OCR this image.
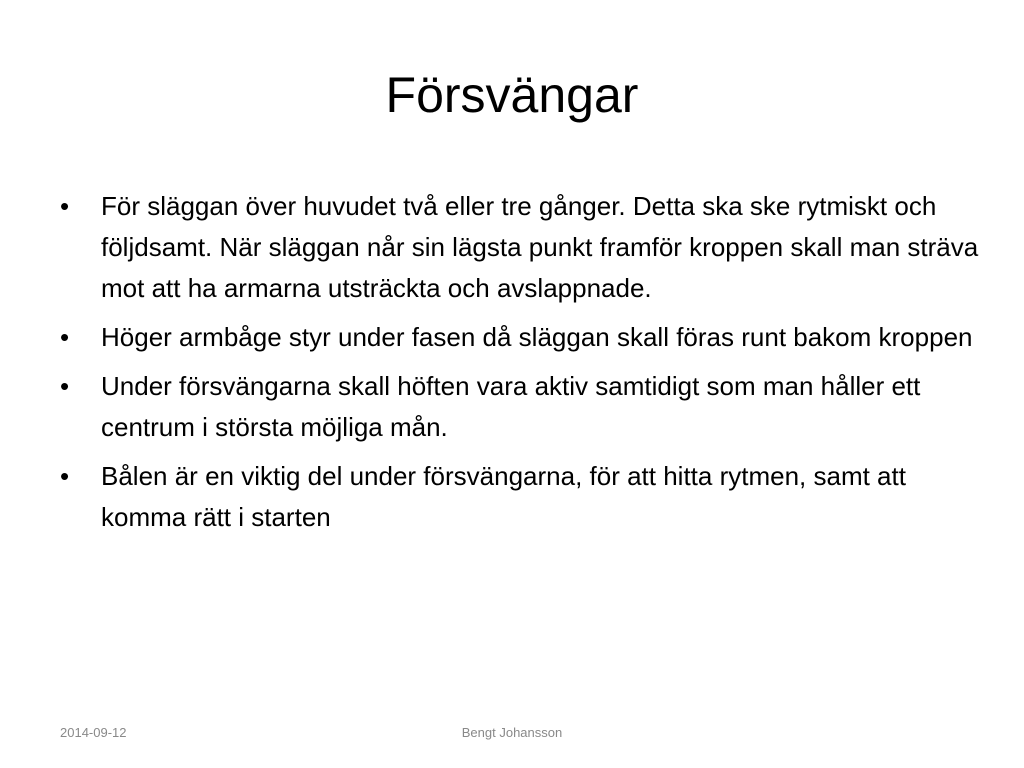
Försvängar
•	För släggan över huvudet två eller tre gånger. Detta ska ske rytmiskt och följdsamt. När släggan når sin lägsta punkt framför kroppen skall man sträva mot att ha armarna utsträckta och avslappnade.
•	Höger armbåge styr under fasen då släggan skall föras runt bakom kroppen
•	Under försvängarna skall höften vara aktiv samtidigt som man håller ett centrum i största möjliga mån.
•	Bålen är en viktig del under försvängarna, för att hitta rytmen, samt att komma rätt i starten
2014-09-12	Bengt Johansson
